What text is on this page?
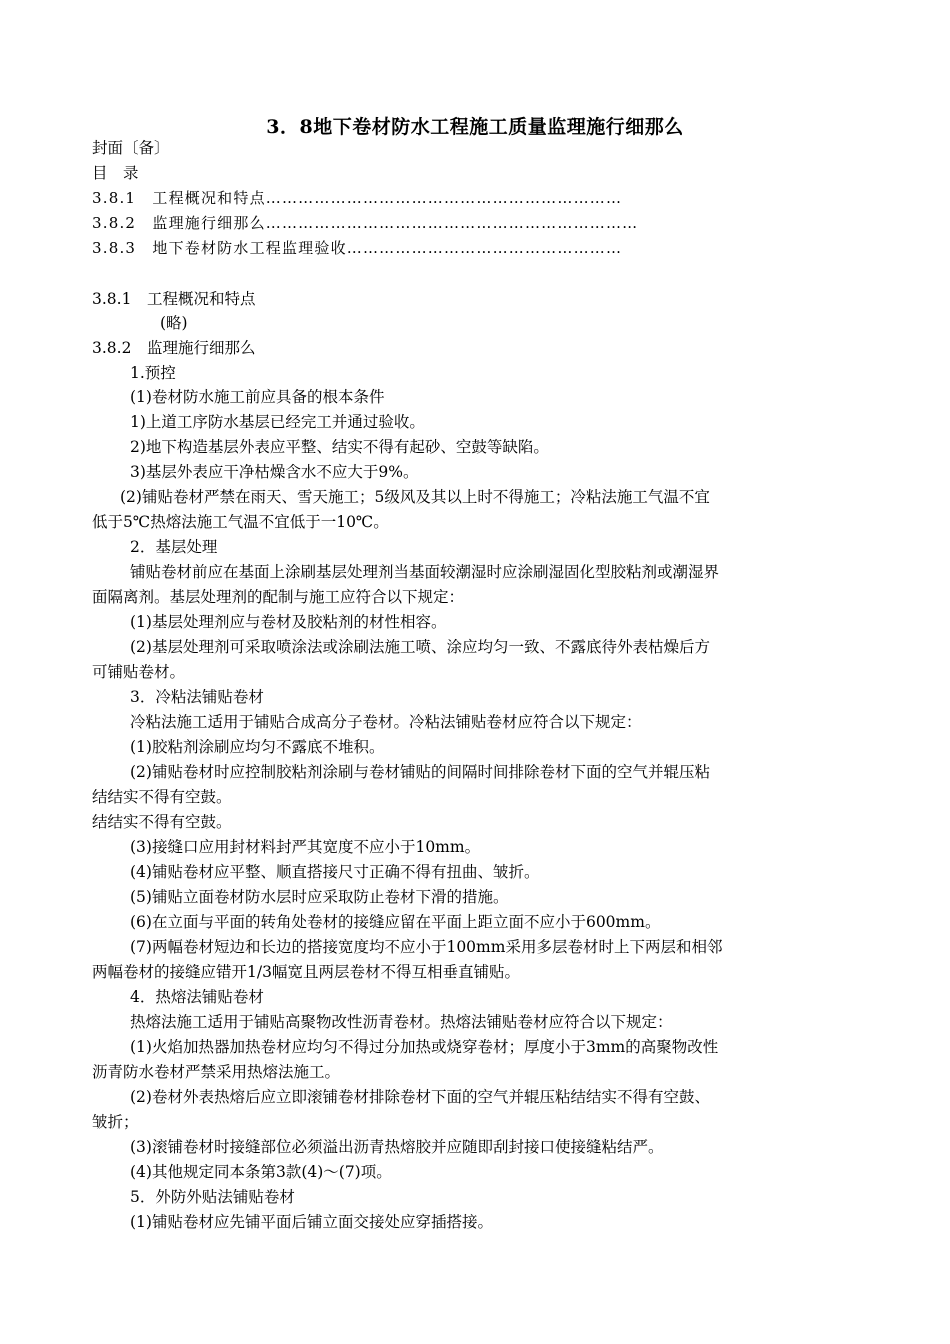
3．8地下卷材防水工程施工质量监理施行细那么
封面〔备〕
目　录
3.8.1　工程概况和特点…………………………………………………………
3.8.2　监理施行细那么……………………………………………………………
3.8.3　地下卷材防水工程监理验收……………………………………………
3.8.1　工程概况和特点
(略)
3.8.2　监理施行细那么
1.预控
(1)卷材防水施工前应具备的根本条件
1)上道工序防水基层已经完工并通过验收。
2)地下构造基层外表应平整、结实不得有起砂、空鼓等缺陷。
3)基层外表应干净枯燥含水不应大于9%。
(2)铺贴卷材严禁在雨天、雪天施工；5级风及其以上时不得施工；冷粘法施工气温不宜
低于5℃热熔法施工气温不宜低于一10℃。
2．基层处理
铺贴卷材前应在基面上涂刷基层处理剂当基面较潮湿时应涂刷湿固化型胶粘剂或潮湿界
面隔离剂。基层处理剂的配制与施工应符合以下规定：
(1)基层处理剂应与卷材及胶粘剂的材性相容。
(2)基层处理剂可采取喷涂法或涂刷法施工喷、涂应均匀一致、不露底待外表枯燥后方
可铺贴卷材。
3．冷粘法铺贴卷材
冷粘法施工适用于铺贴合成高分子卷材。冷粘法铺贴卷材应符合以下规定：
(1)胶粘剂涂刷应均匀不露底不堆积。
(2)铺贴卷材时应控制胶粘剂涂刷与卷材铺贴的间隔时间排除卷材下面的空气并辊压粘
结结实不得有空鼓。
结结实不得有空鼓。
(3)接缝口应用封材料封严其宽度不应小于10mm。
(4)铺贴卷材应平整、顺直搭接尺寸正确不得有扭曲、皱折。
(5)铺贴立面卷材防水层时应采取防止卷材下滑的措施。
(6)在立面与平面的转角处卷材的接缝应留在平面上距立面不应小于600mm。
(7)两幅卷材短边和长边的搭接宽度均不应小于100mm采用多层卷材时上下两层和相邻
两幅卷材的接缝应错开1/3幅宽且两层卷材不得互相垂直铺贴。
4．热熔法铺贴卷材
热熔法施工适用于铺贴高聚物改性沥青卷材。热熔法铺贴卷材应符合以下规定：
(1)火焰加热器加热卷材应均匀不得过分加热或烧穿卷材；厚度小于3mm的高聚物改性
沥青防水卷材严禁采用热熔法施工。
(2)卷材外表热熔后应立即滚铺卷材排除卷材下面的空气并辊压粘结结实不得有空鼓、
皱折；
(3)滚铺卷材时接缝部位必须溢出沥青热熔胶并应随即刮封接口使接缝粘结严。
(4)其他规定同本条第3款(4)～(7)项。
5．外防外贴法铺贴卷材
(1)铺贴卷材应先铺平面后铺立面交接处应穿插搭接。
